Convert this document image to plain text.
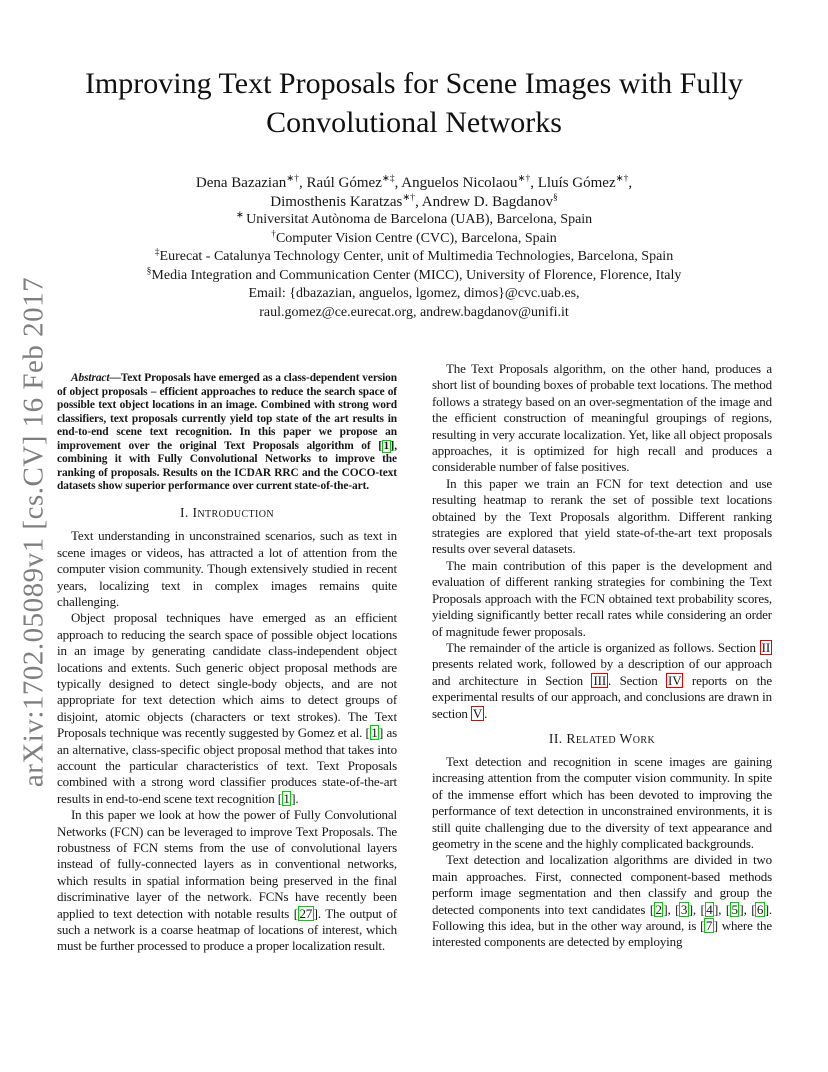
arXiv:1702.05089v1 [cs.CV] 16 Feb 2017
Improving Text Proposals for Scene Images with Fully Convolutional Networks
Dena Bazazian∗†, Raúl Gómez∗‡, Anguelos Nicolaou∗†, Lluís Gómez∗†,
Dimosthenis Karatzas∗†, Andrew D. Bagdanov§
∗ Universitat Autònoma de Barcelona (UAB), Barcelona, Spain
†Computer Vision Centre (CVC), Barcelona, Spain
‡Eurecat - Catalunya Technology Center, unit of Multimedia Technologies, Barcelona, Spain
§Media Integration and Communication Center (MICC), University of Florence, Florence, Italy
Email: {dbazazian, anguelos, lgomez, dimos}@cvc.uab.es,
raul.gomez@ce.eurecat.org, andrew.bagdanov@unifi.it

Abstract—Text Proposals have emerged as a class-dependent version of object proposals – efficient approaches to reduce the search space of possible text object locations in an image. Combined with strong word classifiers, text proposals currently yield top state of the art results in end-to-end scene text recognition. In this paper we propose an improvement over the original Text Proposals algorithm of [ 1 ], combining it with Fully Convolutional Networks to improve the ranking of proposals. Results on the ICDAR RRC and the COCO-text datasets show superior performance over current state-of-the-art.

I. Introduction

Text understanding in unconstrained scenarios, such as text in scene images or videos, has attracted a lot of attention from the computer vision community. Though extensively studied in recent years, localizing text in complex images remains quite challenging.

Object proposal techniques have emerged as an efficient approach to reducing the search space of possible object locations in an image by generating candidate class-independent object locations and extents. Such generic object proposal methods are typically designed to detect single-body objects, and are not appropriate for text detection which aims to detect groups of disjoint, atomic objects (characters or text strokes). The Text Proposals technique was recently suggested by Gomez et al. [ 1 ] as an alternative, class-specific object proposal method that takes into account the particular characteristics of text. Text Proposals combined with a strong word classifier produces state-of-the-art results in end-to-end scene text recognition [ 1 ].

In this paper we look at how the power of Fully Convolutional Networks (FCN) can be leveraged to improve Text Proposals. The robustness of FCN stems from the use of convolutional layers instead of fully-connected layers as in conventional networks, which results in spatial information being preserved in the final discriminative layer of the network. FCNs have recently been applied to text detection with notable results [ 27 ]. The output of such a network is a coarse heatmap of locations of interest, which must be further processed to produce a proper localization result.

The Text Proposals algorithm, on the other hand, produces a short list of bounding boxes of probable text locations. The method follows a strategy based on an over-segmentation of the image and the efficient construction of meaningful groupings of regions, resulting in very accurate localization. Yet, like all object proposals approaches, it is optimized for high recall and produces a considerable number of false positives.

In this paper we train an FCN for text detection and use resulting heatmap to rerank the set of possible text locations obtained by the Text Proposals algorithm. Different ranking strategies are explored that yield state-of-the-art text proposals results over several datasets.

The main contribution of this paper is the development and evaluation of different ranking strategies for combining the Text Proposals approach with the FCN obtained text probability scores, yielding significantly better recall rates while considering an order of magnitude fewer proposals.

The remainder of the article is organized as follows. Section II presents related work, followed by a description of our approach and architecture in Section III . Section IV reports on the experimental results of our approach, and conclusions are drawn in section V .

II. Related Work

Text detection and recognition in scene images are gaining increasing attention from the computer vision community. In spite of the immense effort which has been devoted to improving the performance of text detection in unconstrained environments, it is still quite challenging due to the diversity of text appearance and geometry in the scene and the highly complicated backgrounds.

Text detection and localization algorithms are divided in two main approaches. First, connected component-based methods perform image segmentation and then classify and group the detected components into text candidates [ 2 ], [ 3 ], [ 4 ], [ 5 ], [ 6 ]. Following this idea, but in the other way around, is [ 7 ] where the interested components are detected by employing
